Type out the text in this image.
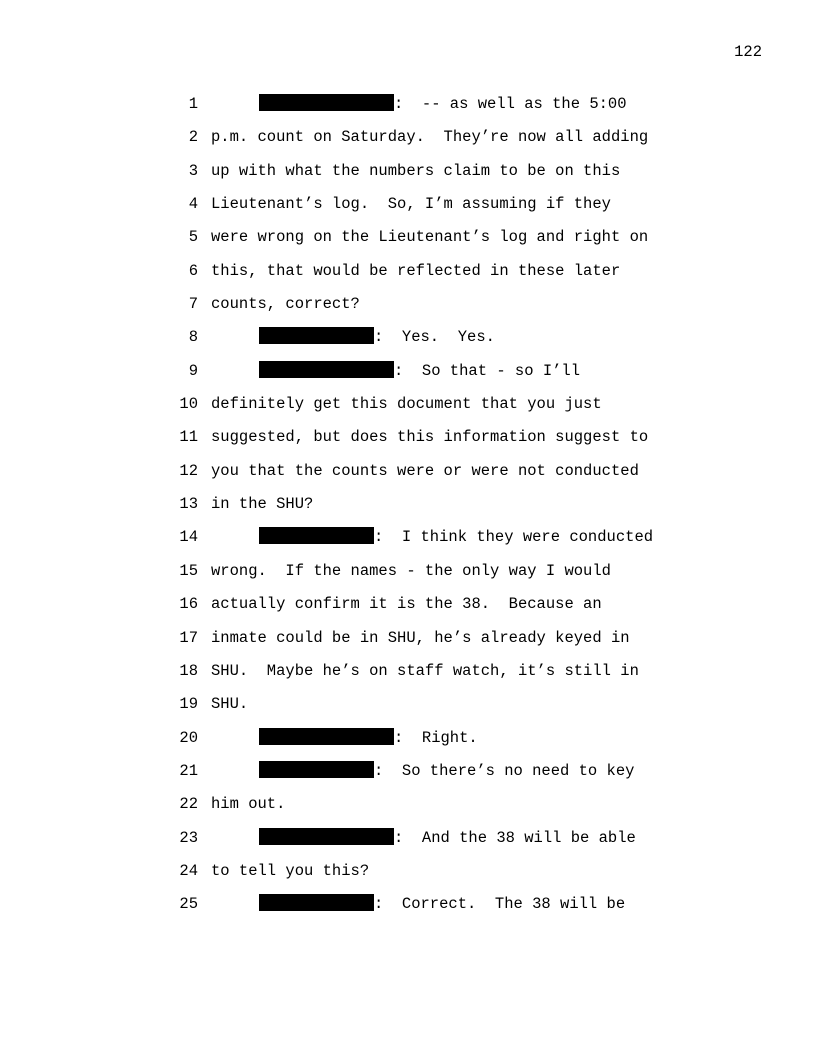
122
1	:  -- as well as the 5:00
2 p.m. count on Saturday.  They’re now all adding
3 up with what the numbers claim to be on this
4 Lieutenant’s log.  So, I’m assuming if they
5 were wrong on the Lieutenant’s log and right on
6 this, that would be reflected in these later
7 counts, correct?
8	:  Yes.  Yes.
9	:  So that - so I’ll
10 definitely get this document that you just
11 suggested, but does this information suggest to
12 you that the counts were or were not conducted
13 in the SHU?
14	:  I think they were conducted
15 wrong.  If the names - the only way I would
16 actually confirm it is the 38.  Because an
17 inmate could be in SHU, he’s already keyed in
18 SHU.  Maybe he’s on staff watch, it’s still in
19 SHU.
20	:  Right.
21	:  So there’s no need to key
22 him out.
23	:  And the 38 will be able
24 to tell you this?
25	:  Correct.  The 38 will be
